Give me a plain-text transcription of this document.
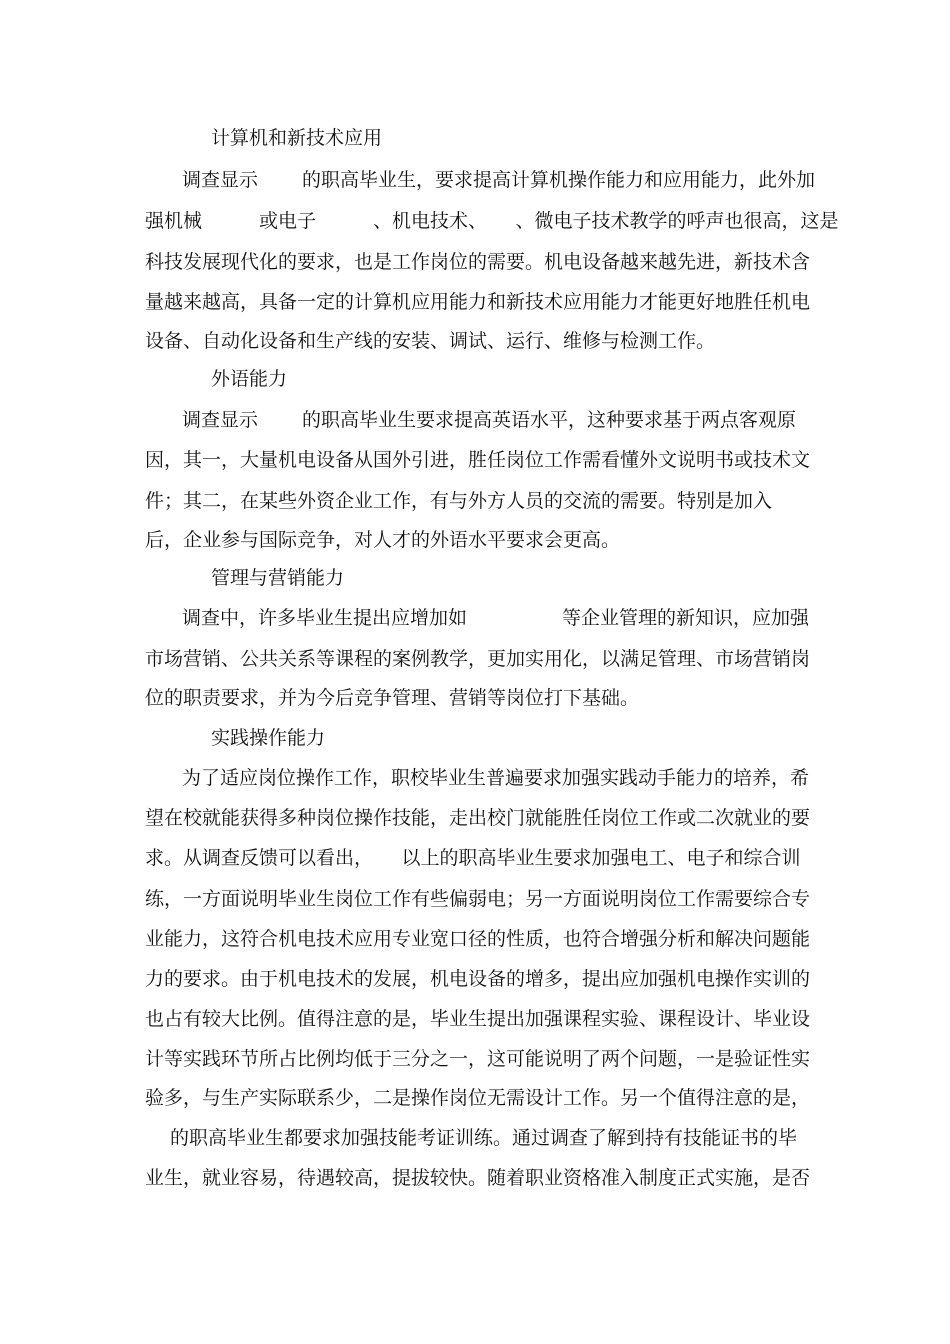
计算机和新技术应用
调查显示　　 的职高毕业生，要求提高计算机操作能力和应用能力，此外加
强机械　　　或电子　　　、机电技术、　　、微电子技术教学的呼声也很高，这是
科技发展现代化的要求，也是工作岗位的需要。机电设备越来越先进，新技术含
量越来越高，具备一定的计算机应用能力和新技术应用能力才能更好地胜任机电
设备、自动化设备和生产线的安装、调试、运行、维修与检测工作。
外语能力
调查显示　　 的职高毕业生要求提高英语水平，这种要求基于两点客观原
因，其一，大量机电设备从国外引进，胜任岗位工作需看懂外文说明书或技术文
件；其二，在某些外资企业工作，有与外方人员的交流的需要。特别是加入
后，企业参与国际竞争，对人才的外语水平要求会更高。
管理与营销能力
调查中，许多毕业生提出应增加如　　　　　等企业管理的新知识，应加强
市场营销、公共关系等课程的案例教学，更加实用化，以满足管理、市场营销岗
位的职责要求，并为今后竞争管理、营销等岗位打下基础。
实践操作能力
为了适应岗位操作工作，职校毕业生普遍要求加强实践动手能力的培养，希
望在校就能获得多种岗位操作技能，走出校门就能胜任岗位工作或二次就业的要
求。从调查反馈可以看出，　　以上的职高毕业生要求加强电工、电子和综合训
练，一方面说明毕业生岗位工作有些偏弱电；另一方面说明岗位工作需要综合专
业能力，这符合机电技术应用专业宽口径的性质，也符合增强分析和解决问题能
力的要求。由于机电技术的发展，机电设备的增多，提出应加强机电操作实训的
也占有较大比例。值得注意的是，毕业生提出加强课程实验、课程设计、毕业设
计等实践环节所占比例均低于三分之一，这可能说明了两个问题，一是验证性实
验多，与生产实际联系少，二是操作岗位无需设计工作。另一个值得注意的是，
的职高毕业生都要求加强技能考证训练。通过调查了解到持有技能证书的毕
业生，就业容易，待遇较高，提拔较快。随着职业资格准入制度正式实施，是否
